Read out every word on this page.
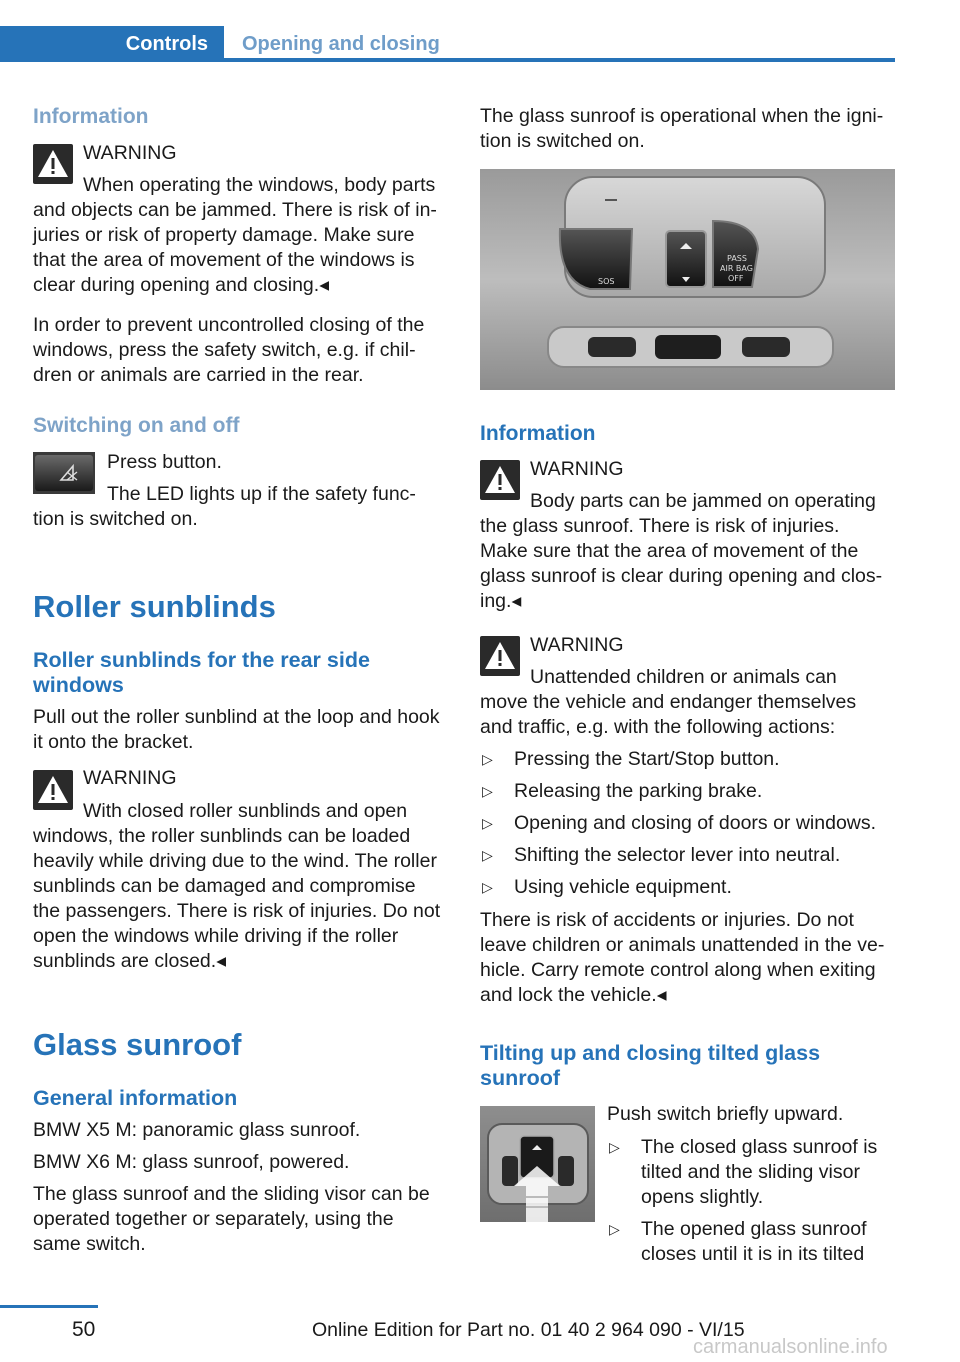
Controls Opening and closing
Information
WARNING
When operating the windows, body parts
and objects can be jammed. There is risk of in-
juries or risk of property damage. Make sure
that the area of movement of the windows is
clear during opening and closing.◂
In order to prevent uncontrolled closing of the
windows, press the safety switch, e.g. if chil-
dren or animals are carried in the rear.
Switching on and off
Press button.
The LED lights up if the safety func-
tion is switched on.
Roller sunblinds
Roller sunblinds for the rear side
windows
Pull out the roller sunblind at the loop and hook
it onto the bracket.
WARNING
With closed roller sunblinds and open
windows, the roller sunblinds can be loaded
heavily while driving due to the wind. The roller
sunblinds can be damaged and compromise
the passengers. There is risk of injuries. Do not
open the windows while driving if the roller
sunblinds are closed.◂
Glass sunroof
General information
BMW X5 M: panoramic glass sunroof.
BMW X6 M: glass sunroof, powered.
The glass sunroof and the sliding visor can be
operated together or separately, using the
same switch.
The glass sunroof is operational when the igni-
tion is switched on.
SOS
PASS
AIR BAG
OFF
Information
WARNING
Body parts can be jammed on operating
the glass sunroof. There is risk of injuries.
Make sure that the area of movement of the
glass sunroof is clear during opening and clos-
ing.◂
WARNING
Unattended children or animals can
move the vehicle and endanger themselves
and traffic, e.g. with the following actions:
▷ Pressing the Start/Stop button.
▷ Releasing the parking brake.
▷ Opening and closing of doors or windows.
▷ Shifting the selector lever into neutral.
▷ Using vehicle equipment.
There is risk of accidents or injuries. Do not
leave children or animals unattended in the ve-
hicle. Carry remote control along when exiting
and lock the vehicle.◂
Tilting up and closing tilted glass
sunroof
Push switch briefly upward.
▷ The closed glass sunroof is
tilted and the sliding visor
opens slightly.
▷ The opened glass sunroof
closes until it is in its tilted
50	Online Edition for Part no. 01 40 2 964 090 - VI/15
carmanualsonline.info
